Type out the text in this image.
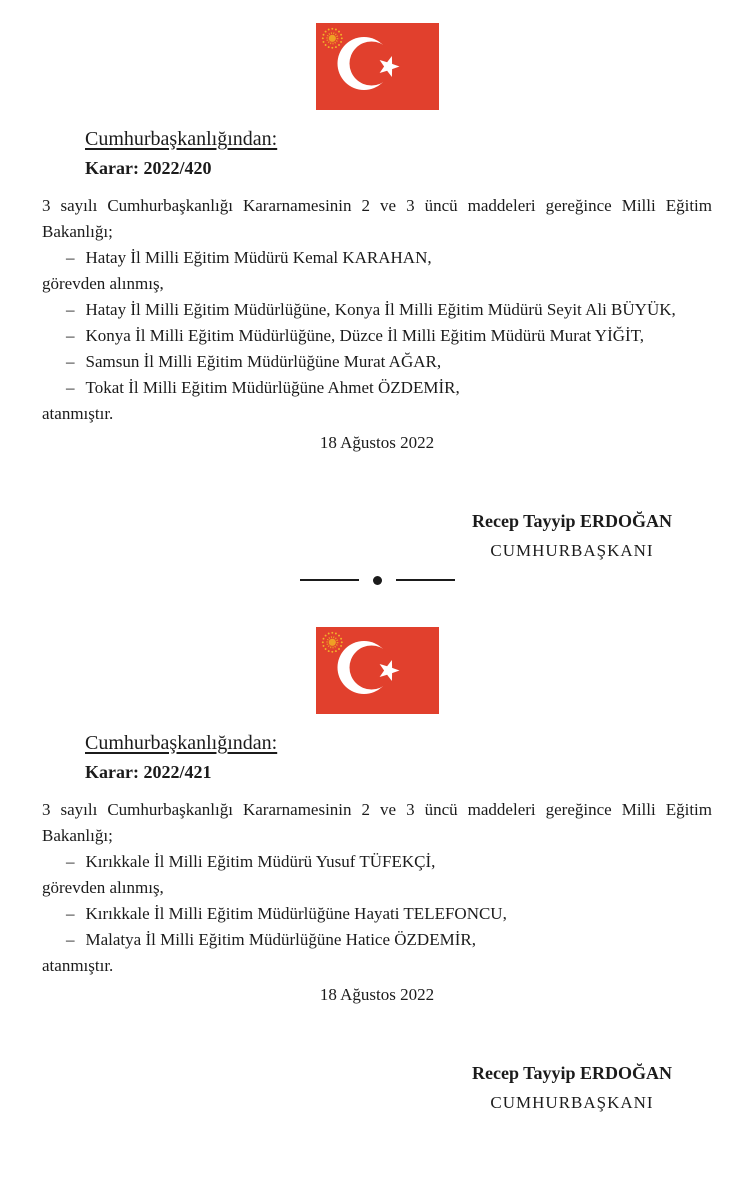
Cumhurbaşkanlığından:
Karar: 2022/420
3 sayılı Cumhurbaşkanlığı Kararnamesinin 2 ve 3 üncü maddeleri gereğince Milli Eğitim
Bakanlığı;
– Hatay İl Milli Eğitim Müdürü Kemal KARAHAN,
görevden alınmış,
– Hatay İl Milli Eğitim Müdürlüğüne, Konya İl Milli Eğitim Müdürü Seyit Ali BÜYÜK,
– Konya İl Milli Eğitim Müdürlüğüne, Düzce İl Milli Eğitim Müdürü Murat YİĞİT,
– Samsun İl Milli Eğitim Müdürlüğüne Murat AĞAR,
– Tokat İl Milli Eğitim Müdürlüğüne Ahmet ÖZDEMİR,
atanmıştır.
18 Ağustos 2022
Recep Tayyip ERDOĞAN
CUMHURBAŞKANI
Cumhurbaşkanlığından:
Karar: 2022/421
3 sayılı Cumhurbaşkanlığı Kararnamesinin 2 ve 3 üncü maddeleri gereğince Milli Eğitim
Bakanlığı;
– Kırıkkale İl Milli Eğitim Müdürü Yusuf TÜFEKÇİ,
görevden alınmış,
– Kırıkkale İl Milli Eğitim Müdürlüğüne Hayati TELEFONCU,
– Malatya İl Milli Eğitim Müdürlüğüne Hatice ÖZDEMİR,
atanmıştır.
18 Ağustos 2022
Recep Tayyip ERDOĞAN
CUMHURBAŞKANI
